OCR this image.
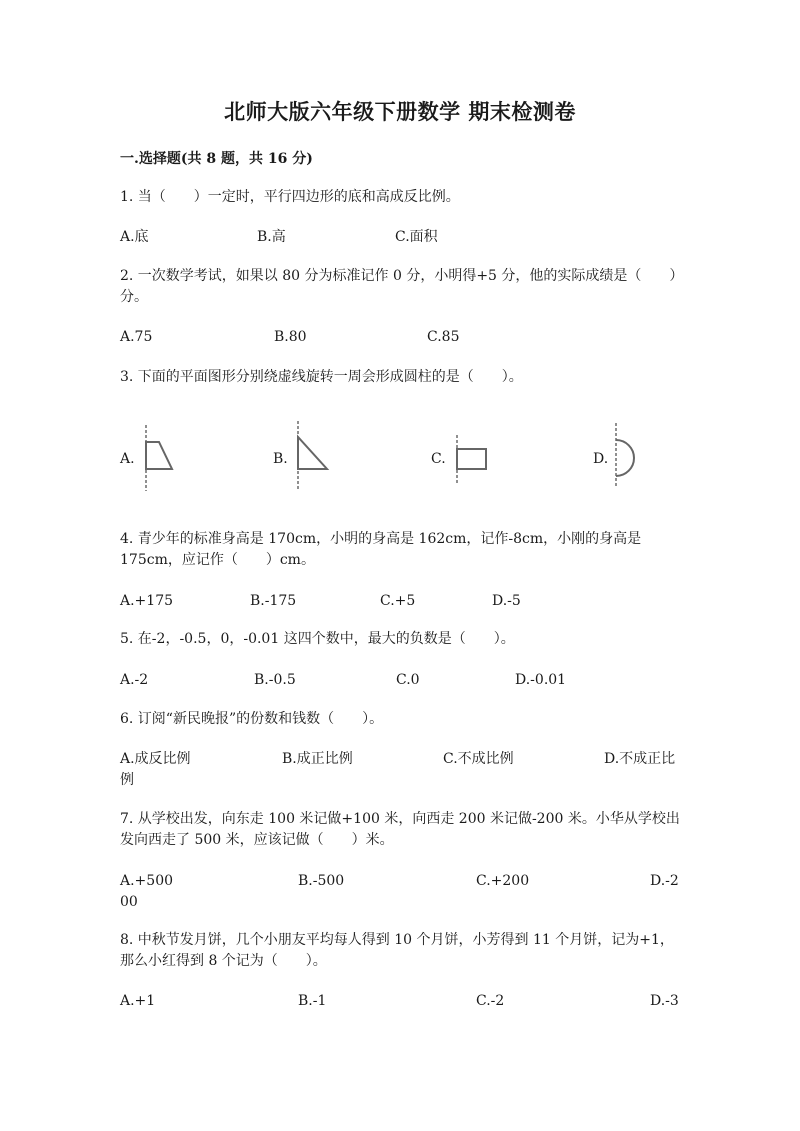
北师大版六年级下册数学 期末检测卷
一.选择题(共 8 题，共 16 分)
1. 当（　　）一定时，平行四边形的底和高成反比例。
A.底	B.高	C.面积
2. 一次数学考试，如果以 80 分为标准记作 0 分，小明得+5 分，他的实际成绩是（　　）分。
A.75	B.80	C.85
3. 下面的平面图形分别绕虚线旋转一周会形成圆柱的是（　　）。
A.	B.	C.	D.
4. 青少年的标准身高是 170cm，小明的身高是 162cm，记作-8cm，小刚的身高是175cm，应记作（　　）cm。
A.+175	B.-175	C.+5	D.-5
5. 在-2，-0.5，0，-0.01 这四个数中，最大的负数是（　　）。
A.-2	B.-0.5	C.0	D.-0.01
6. 订阅“新民晚报”的份数和钱数（　　）。
A.成反比例	B.成正比例	C.不成比例	D.不成正比例
7. 从学校出发，向东走 100 米记做+100 米，向西走 200 米记做-200 米。小华从学校出发向西走了 500 米，应该记做（　　）米。
A.+500	B.-500	C.+200	D.-200
8. 中秋节发月饼，几个小朋友平均每人得到 10 个月饼，小芳得到 11 个月饼，记为+1，那么小红得到 8 个记为（　　）。
A.+1	B.-1	C.-2	D.-3
